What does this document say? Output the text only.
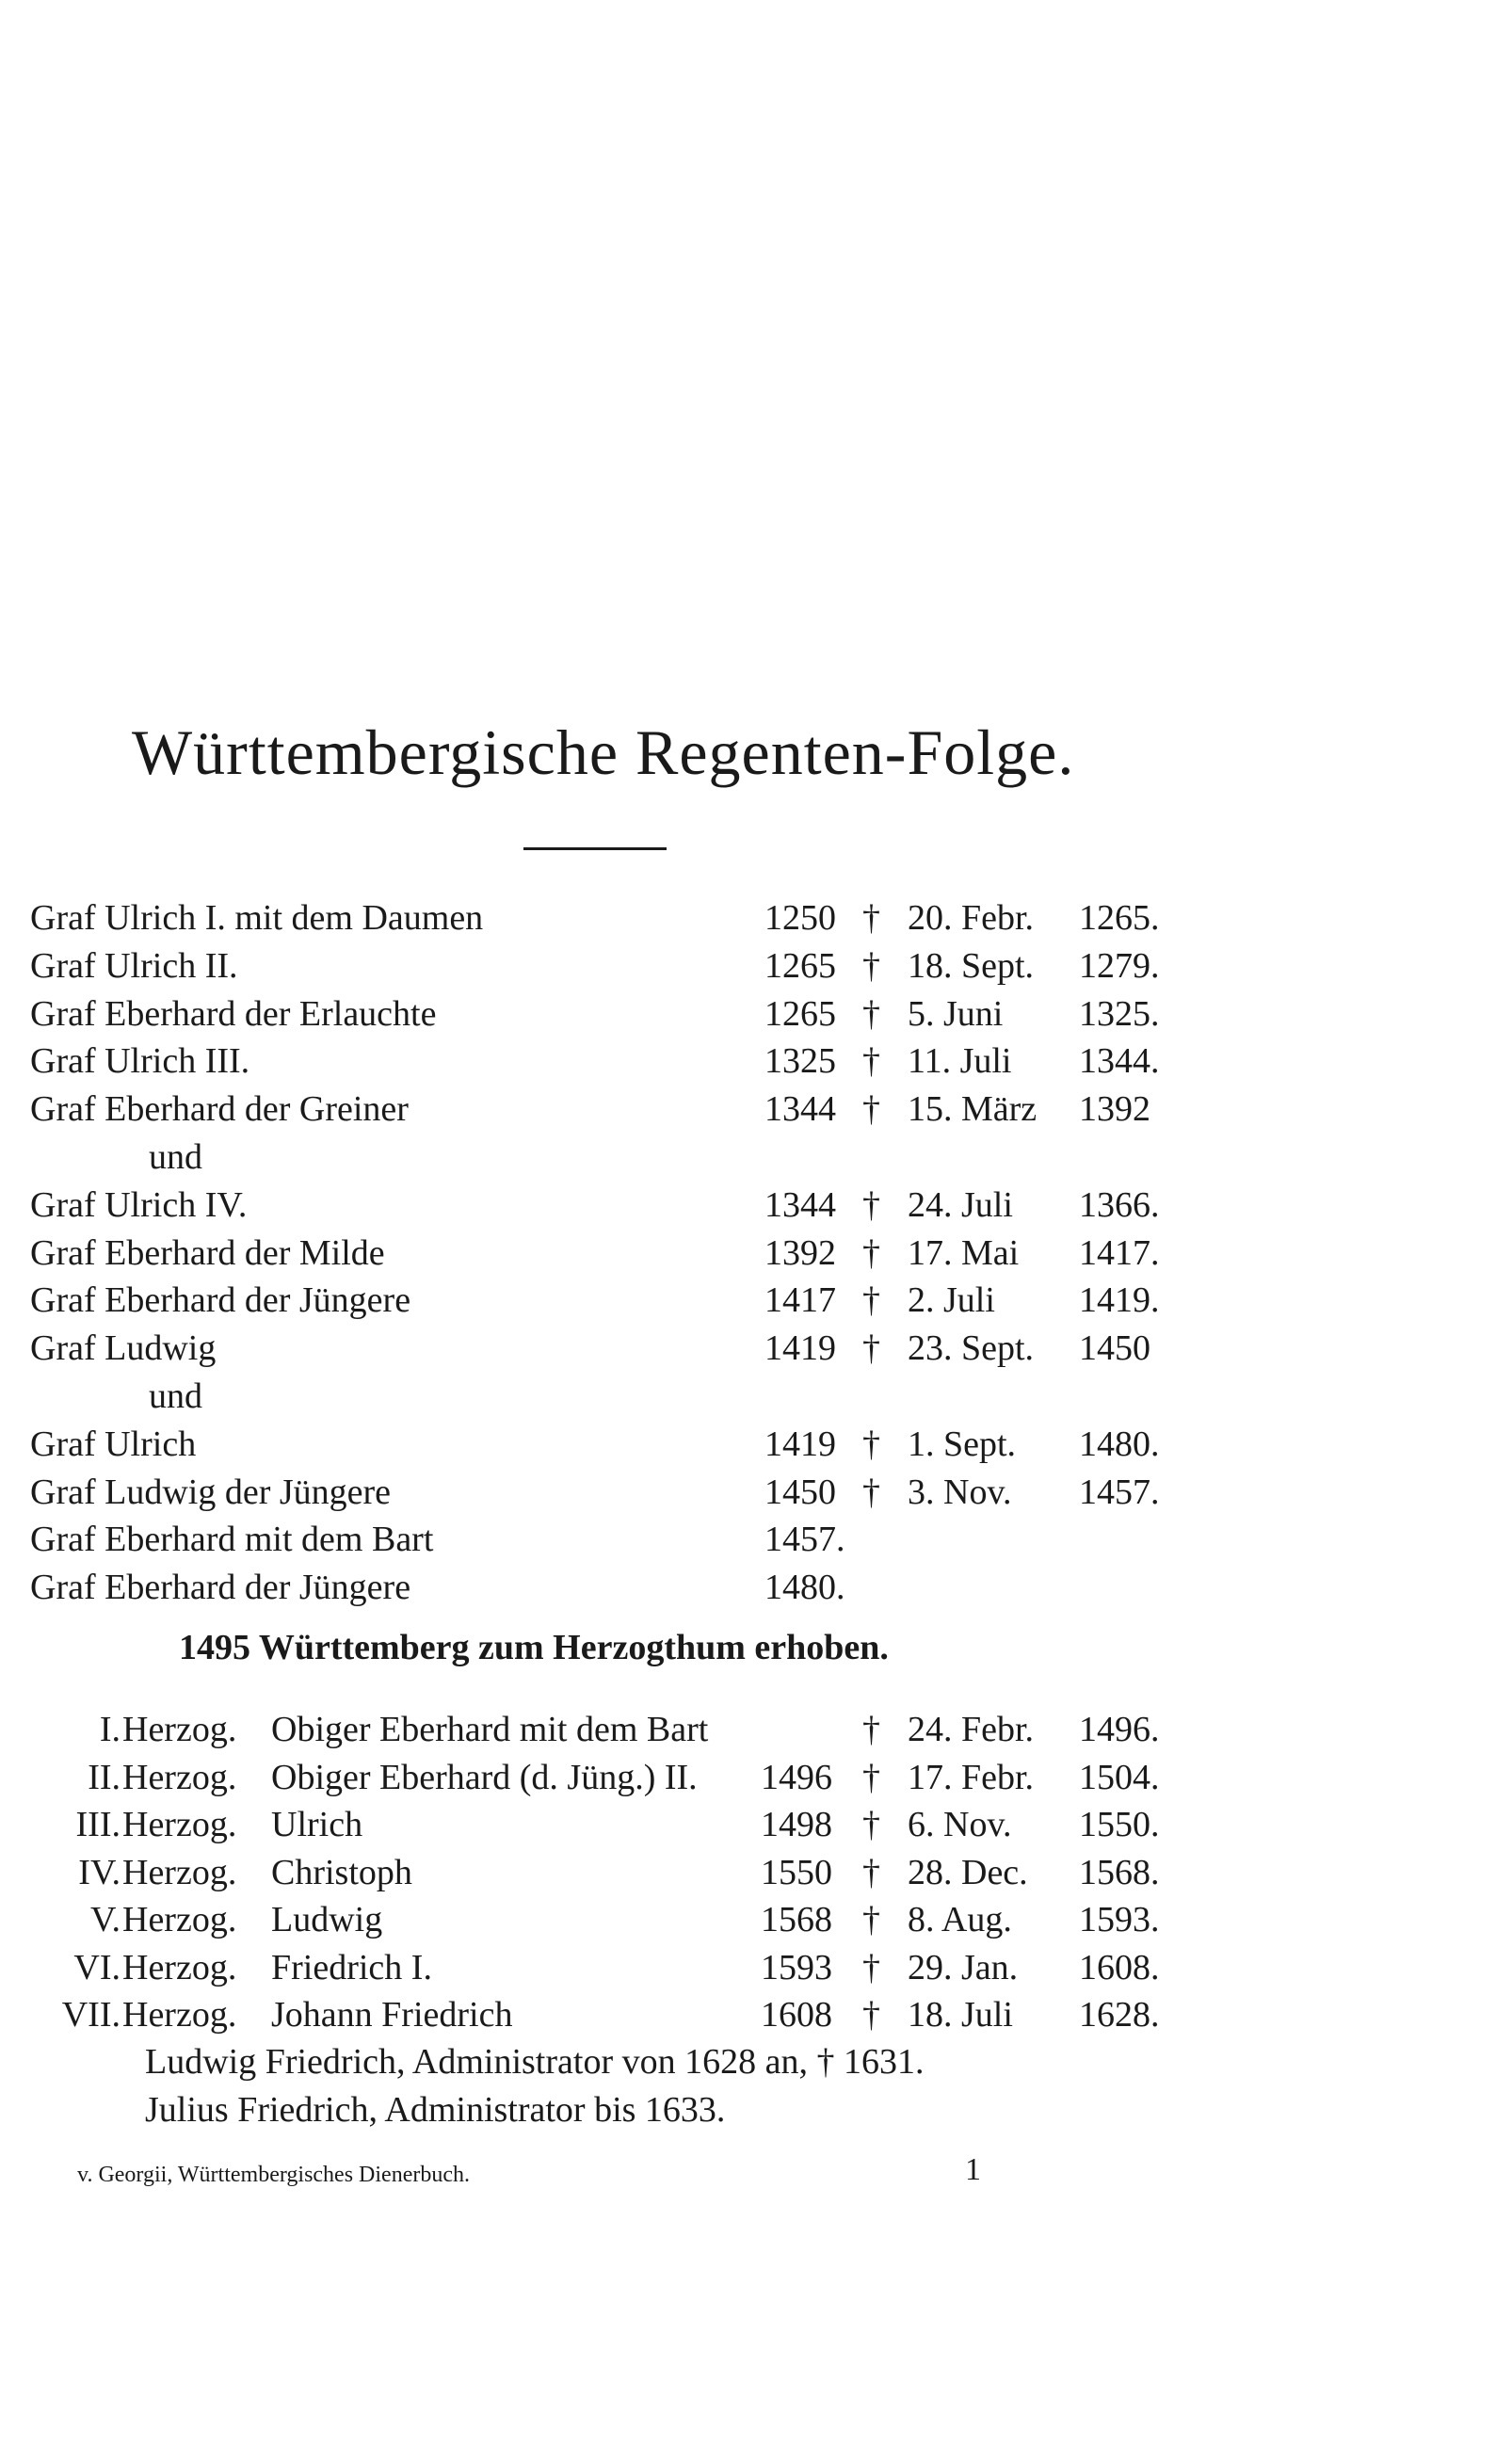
Württembergische Regenten-Folge.
Graf Ulrich I. mit dem Daumen	1250 † 20. Febr. 1265.
Graf Ulrich II.	1265 † 18. Sept. 1279.
Graf Eberhard der Erlauchte	1265 † 5. Juni 1325.
Graf Ulrich III.	1325 † 11. Juli 1344.
Graf Eberhard der Greiner	1344 † 15. März 1392
und
Graf Ulrich IV.	1344 † 24. Juli 1366.
Graf Eberhard der Milde	1392 † 17. Mai 1417.
Graf Eberhard der Jüngere	1417 † 2. Juli 1419.
Graf Ludwig	1419 † 23. Sept. 1450
und
Graf Ulrich	1419 † 1. Sept. 1480.
Graf Ludwig der Jüngere	1450 † 3. Nov. 1457.
Graf Eberhard mit dem Bart	1457.
Graf Eberhard der Jüngere	1480.
1495 Württemberg zum Herzogthum erhoben.
I. Herzog. Obiger Eberhard mit dem Bart	† 24. Febr. 1496.
II. Herzog. Obiger Eberhard (d. Jüng.) II. 1496 † 17. Febr. 1504.
III. Herzog. Ulrich	1498 † 6. Nov. 1550.
IV. Herzog. Christoph	1550 † 28. Dec. 1568.
V. Herzog. Ludwig	1568 † 8. Aug. 1593.
VI. Herzog. Friedrich I.	1593 † 29. Jan. 1608.
VII. Herzog. Johann Friedrich	1608 † 18. Juli 1628.
Ludwig Friedrich, Administrator von 1628 an, † 1631.
Julius Friedrich, Administrator bis 1633.
v. Georgii, Württembergisches Dienerbuch.	1
